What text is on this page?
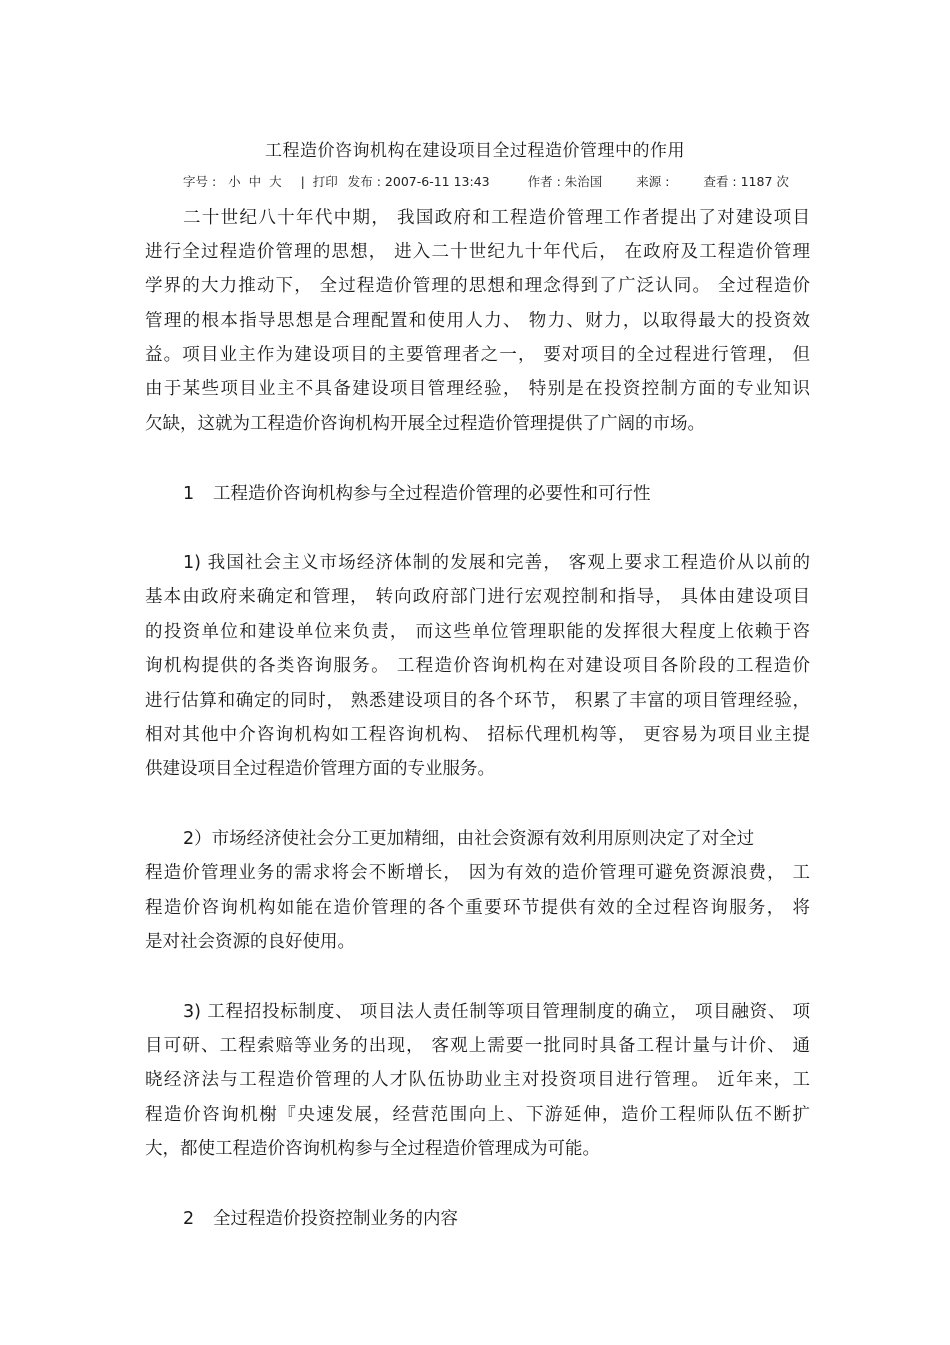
工程造价咨询机构在建设项目全过程造价管理中的作用
字号 : 小  中  大 | 打印 发布 : 2007-6-11 13:43	作者 : 朱治国	来源 :	查看 : 1187 次
二十世纪八十年代中期， 我国政府和工程造价管理工作者提出了对建设项目
进行全过程造价管理的思想， 进入二十世纪九十年代后， 在政府及工程造价管理
学界的大力推动下， 全过程造价管理的思想和理念得到了广泛认同。 全过程造价
管理的根本指导思想是合理配置和使用人力、 物力、财力，以取得最大的投资效
益。项目业主作为建设项目的主要管理者之一， 要对项目的全过程进行管理， 但
由于某些项目业主不具备建设项目管理经验， 特别是在投资控制方面的专业知识
欠缺，这就为工程造价咨询机构开展全过程造价管理提供了广阔的市场。
1 工程造价咨询机构参与全过程造价管理的必要性和可行性
1) 我国社会主义市场经济体制的发展和完善， 客观上要求工程造价从以前的
基本由政府来确定和管理， 转向政府部门进行宏观控制和指导， 具体由建设项目
的投资单位和建设单位来负责， 而这些单位管理职能的发挥很大程度上依赖于咨
询机构提供的各类咨询服务。 工程造价咨询机构在对建设项目各阶段的工程造价
进行估算和确定的同时， 熟悉建设项目的各个环节， 积累了丰富的项目管理经验，
相对其他中介咨询机构如工程咨询机构、 招标代理机构等， 更容易为项目业主提
供建设项目全过程造价管理方面的专业服务。
2）市场经济使社会分工更加精细，由社会资源有效利用原则决定了对全过
程造价管理业务的需求将会不断增长， 因为有效的造价管理可避免资源浪费， 工
程造价咨询机构如能在造价管理的各个重要环节提供有效的全过程咨询服务， 将
是对社会资源的良好使用。
3) 工程招投标制度、 项目法人责任制等项目管理制度的确立， 项目融资、 项
目可研、工程索赔等业务的出现， 客观上需要一批同时具备工程计量与计价、 通
晓经济法与工程造价管理的人才队伍协助业主对投资项目进行管理。 近年来，工
程造价咨询机榭『央速发展，经营范围向上、下游延伸，造价工程师队伍不断扩
大，都使工程造价咨询机构参与全过程造价管理成为可能。
2 全过程造价投资控制业务的内容
